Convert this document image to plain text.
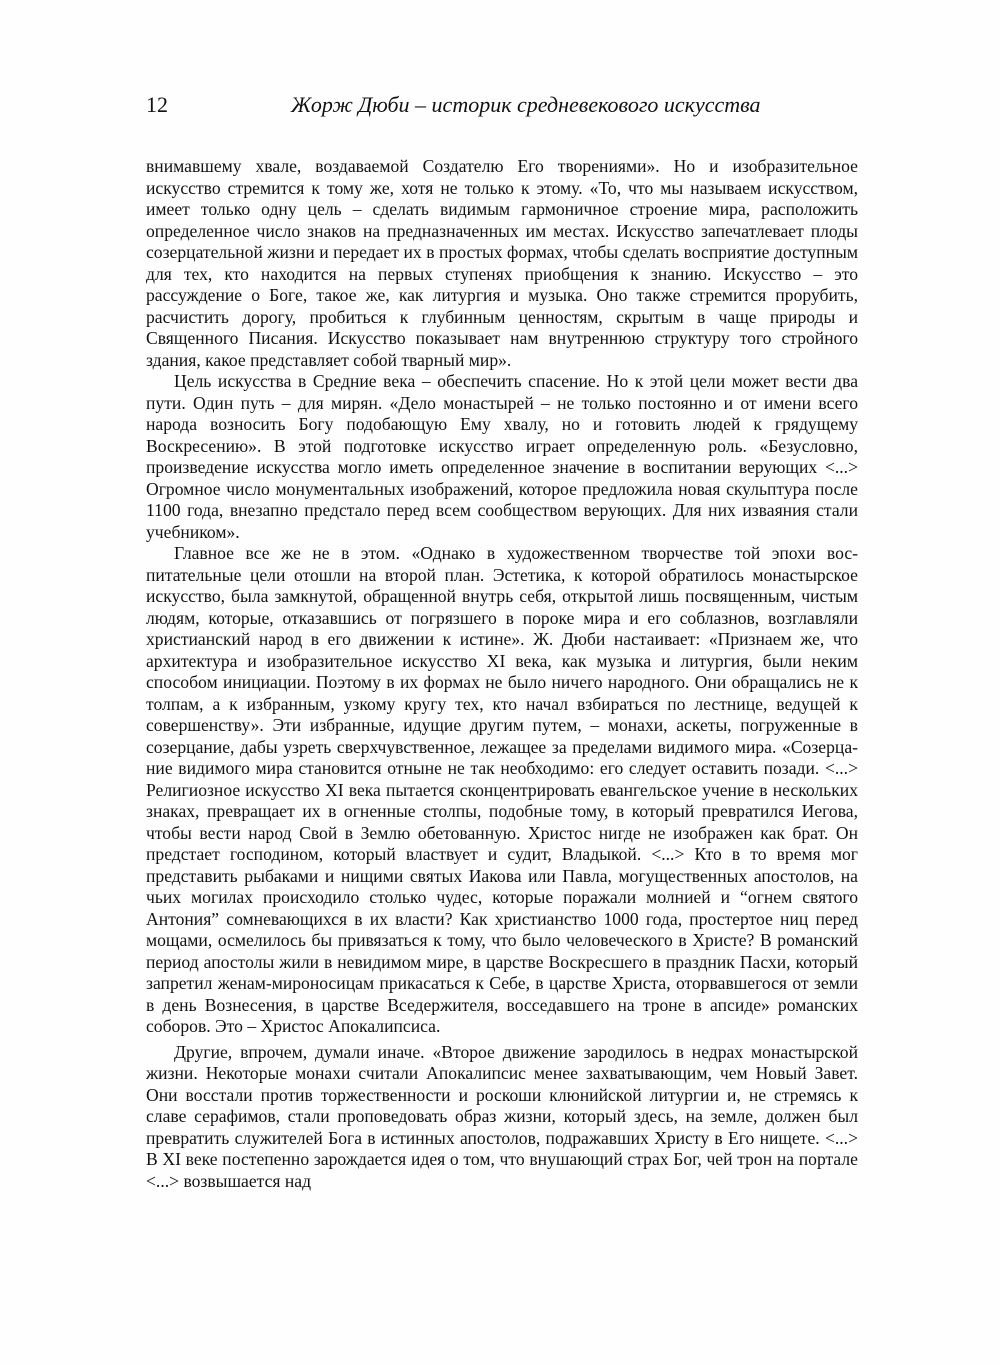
12	Жорж Дюби – историк средневекового искусства

внимавшему хвале, воздаваемой Создателю Его творениями». Но и изобразительное искусство стремится к тому же, хотя не только к этому. «То, что мы называем искусством, имеет только одну цель – сделать видимым гармоничное строение мира, расположить определенное число знаков на предназначенных им местах. Искусство запечатлевает плоды созерцательной жизни и передает их в простых формах, чтобы сделать восприятие доступным для тех, кто находится на первых ступенях приобщения к знанию. Искусство – это рассуждение о Боге, такое же, как литургия и музыка. Оно также стремится прорубить, расчистить дорогу, пробиться к глубинным ценностям, скрытым в чаще природы и Священного Писания. Искусство показывает нам внутреннюю структуру того стройного здания, какое представляет собой тварный мир».

Цель искусства в Средние века – обеспечить спасение. Но к этой цели может вести два пути. Один путь – для мирян. «Дело монастырей – не только постоянно и от имени всего народа возносить Богу подобающую Ему хвалу, но и готовить людей к грядущему Воскресению». В этой подготовке искусство играет определенную роль. «Безусловно, произведение искусства могло иметь определенное значение в воспитании верующих <...> Огромное число монументальных изображений, которое предложила новая скульптура после 1100 года, внезапно предстало перед всем сообществом верующих. Для них изваяния стали учебником».

Главное все же не в этом. «Однако в художественном творчестве той эпохи воспитательные цели отошли на второй план. Эстетика, к которой обратилось монастырское искусство, была замкнутой, обращенной внутрь себя, открытой лишь посвященным, чистым людям, которые, отказавшись от погрязшего в пороке мира и его соблазнов, возглавляли христианский народ в его движении к истине». Ж. Дюби настаивает: «Признаем же, что архитектура и изобразительное искусство XI века, как музыка и литургия, были неким способом инициации. Поэтому в их формах не было ничего народного. Они обращались не к толпам, а к избранным, узкому кругу тех, кто начал взбираться по лестнице, ведущей к совершенству». Эти избранные, идущие другим путем, – монахи, аскеты, погруженные в созерцание, дабы узреть сверхчувственное, лежащее за пределами видимого мира. «Созерцание видимого мира становится отныне не так необходимо: его следует оставить позади. <...> Религиозное искусство XI века пытается сконцентрировать евангельское учение в нескольких знаках, превращает их в огненные столпы, подобные тому, в который превратился Иегова, чтобы вести народ Свой в Землю обетованную. Христос нигде не изображен как брат. Он предстает господином, который властвует и судит, Владыкой. <...> Кто в то время мог представить рыбаками и нищими святых Иакова или Павла, могущественных апостолов, на чьих могилах происходило столько чудес, которые поражали молнией и “огнем святого Антония” сомневающихся в их власти? Как христианство 1000 года, простертое ниц перед мощами, осмелилось бы привязаться к тому, что было человеческого в Христе? В романский период апостолы жили в невидимом мире, в царстве Воскресшего в праздник Пасхи, который запретил женам-мироносицам прикасаться к Себе, в царстве Христа, оторвавшегося от земли в день Вознесения, в царстве Вседержителя, восседавшего на троне в апсиде» романских соборов. Это – Христос Апокалипсиса.

Другие, впрочем, думали иначе. «Второе движение зародилось в недрах монастырской жизни. Некоторые монахи считали Апокалипсис менее захватывающим, чем Новый Завет. Они восстали против торжественности и роскоши клюнийской литургии и, не стремясь к славе серафимов, стали проповедовать образ жизни, который здесь, на земле, должен был превратить служителей Бога в истинных апостолов, подражавших Христу в Его нищете. <...> В XI веке постепенно зарождается идея о том, что внушающий страх Бог, чей трон на портале <...> возвышается над
